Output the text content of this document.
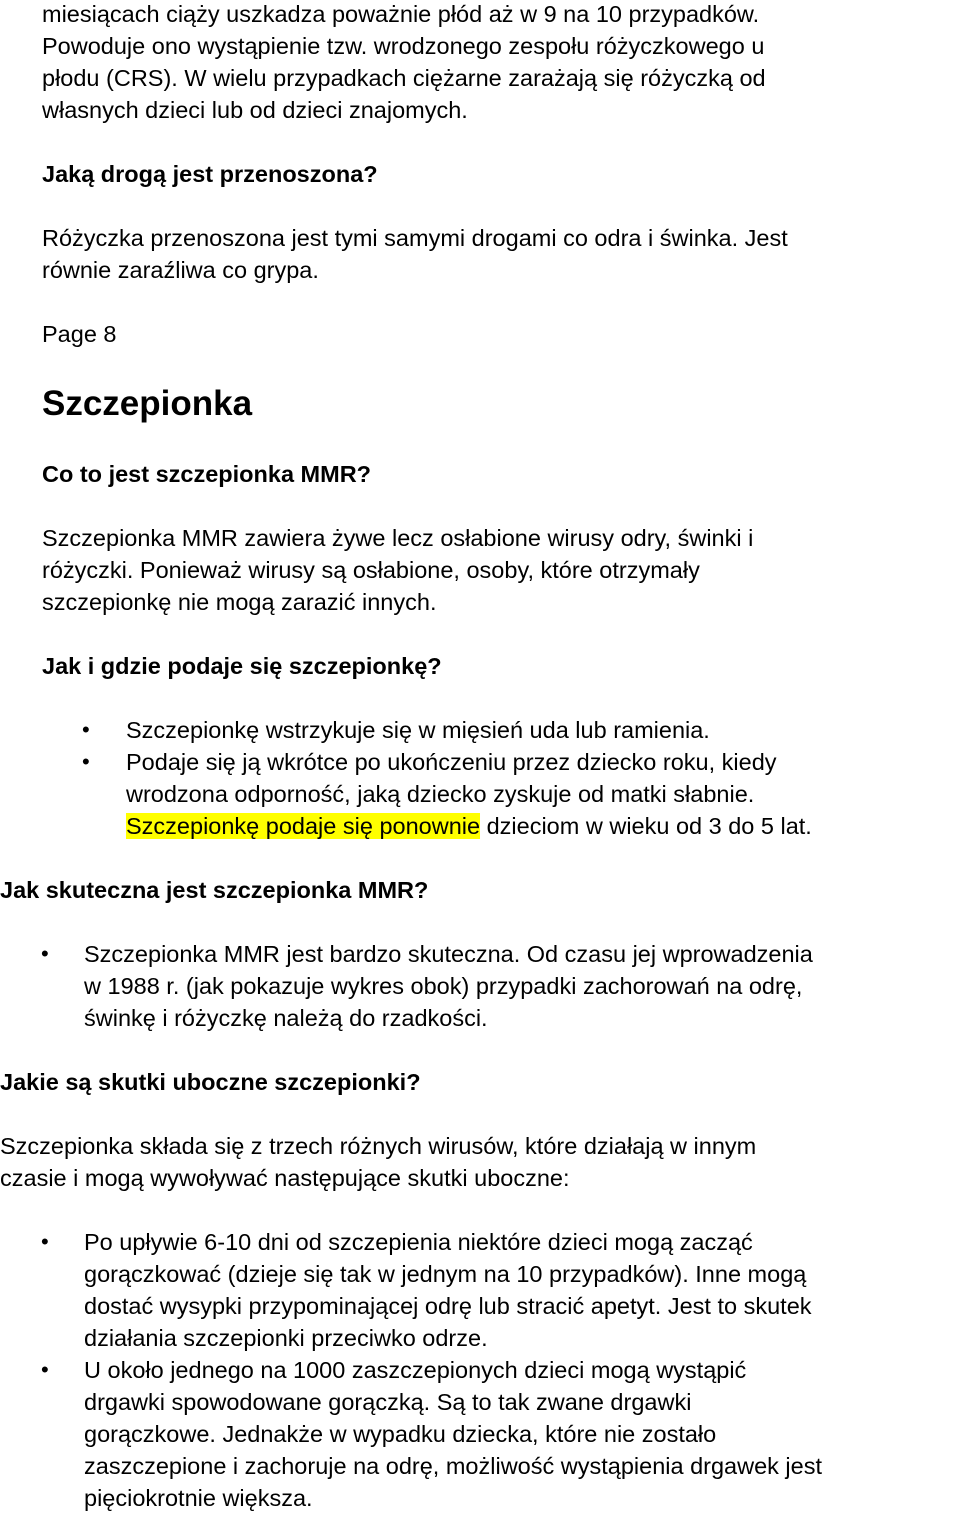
miesiącach ciąży uszkadza poważnie płód aż w 9 na 10 przypadków.
Powoduje ono wystąpienie tzw. wrodzonego zespołu różyczkowego u
płodu (CRS). W wielu przypadkach ciężarne zarażają się różyczką od
własnych dzieci lub od dzieci znajomych.
Jaką drogą jest przenoszona?
Różyczka przenoszona jest tymi samymi drogami co odra i świnka. Jest
równie zaraźliwa co grypa.
Page 8
Szczepionka
Co to jest szczepionka MMR?
Szczepionka MMR zawiera żywe lecz osłabione wirusy odry, świnki i
różyczki. Ponieważ wirusy są osłabione, osoby, które otrzymały
szczepionkę nie mogą zarazić innych.
Jak i gdzie podaje się szczepionkę?
• Szczepionkę wstrzykuje się w mięsień uda lub ramienia.
• Podaje się ją wkrótce po ukończeniu przez dziecko roku, kiedy
wrodzona odporność, jaką dziecko zyskuje od matki słabnie.
Szczepionkę podaje się ponownie dzieciom w wieku od 3 do 5 lat.
Jak skuteczna jest szczepionka MMR?
• Szczepionka MMR jest bardzo skuteczna. Od czasu jej wprowadzenia
w 1988 r. (jak pokazuje wykres obok) przypadki zachorowań na odrę,
świnkę i różyczkę należą do rzadkości.
Jakie są skutki uboczne szczepionki?
Szczepionka składa się z trzech różnych wirusów, które działają w innym
czasie i mogą wywoływać następujące skutki uboczne:
• Po upływie 6-10 dni od szczepienia niektóre dzieci mogą zacząć
gorączkować (dzieje się tak w jednym na 10 przypadków). Inne mogą
dostać wysypki przypominającej odrę lub stracić apetyt. Jest to skutek
działania szczepionki przeciwko odrze.
• U około jednego na 1000 zaszczepionych dzieci mogą wystąpić
drgawki spowodowane gorączką. Są to tak zwane drgawki
gorączkowe. Jednakże w wypadku dziecka, które nie zostało
zaszczepione i zachoruje na odrę, możliwość wystąpienia drgawek jest
pięciokrotnie większa.
